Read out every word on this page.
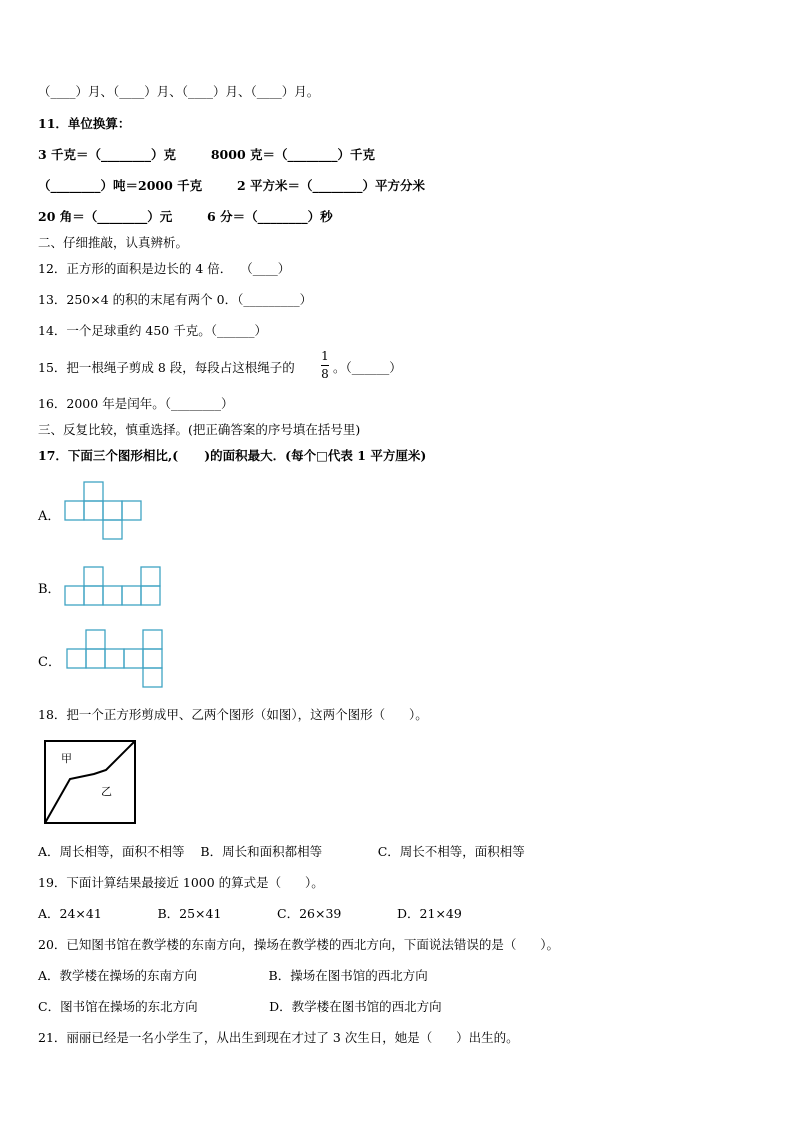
（____）月、（____）月、（____）月、（____）月。
11．单位换算：
3 千克＝（________）克        8000 克＝（________）千克
（________）吨＝2000 千克        2 平方米＝（________）平方分米
20 角＝（________）元        6 分＝（________）秒
二、仔细推敲，认真辨析。
12．正方形的面积是边长的 4 倍．  （____）
13．250×4 的积的末尾有两个 0．（_________）
14．一个足球重约 450 千克。（______）
15．把一根绳子剪成 8 段，每段占这根绳子的
1
8 。（______）
16．2000 年是闰年。（________）
三、反复比较，慎重选择。(把正确答案的序号填在括号里)
17．下面三个图形相比,(      )的面积最大．(每个□代表 1 平方厘米)
A．
B．
C．
18．把一个正方形剪成甲、乙两个图形（如图），这两个图形（      ）。
甲
乙
A．周长相等，面积不相等    B．周长和面积都相等              C．周长不相等，面积相等
19．下面计算结果最接近 1000 的算式是（      ）。
A．24×41              B．25×41              C．26×39              D．21×49
20．已知图书馆在教学楼的东南方向，操场在教学楼的西北方向，下面说法错误的是（      ）。
A．教学楼在操场的东南方向                  B．操场在图书馆的西北方向
C．图书馆在操场的东北方向                  D．教学楼在图书馆的西北方向
21．丽丽已经是一名小学生了，从出生到现在才过了 3 次生日，她是（      ）出生的。
